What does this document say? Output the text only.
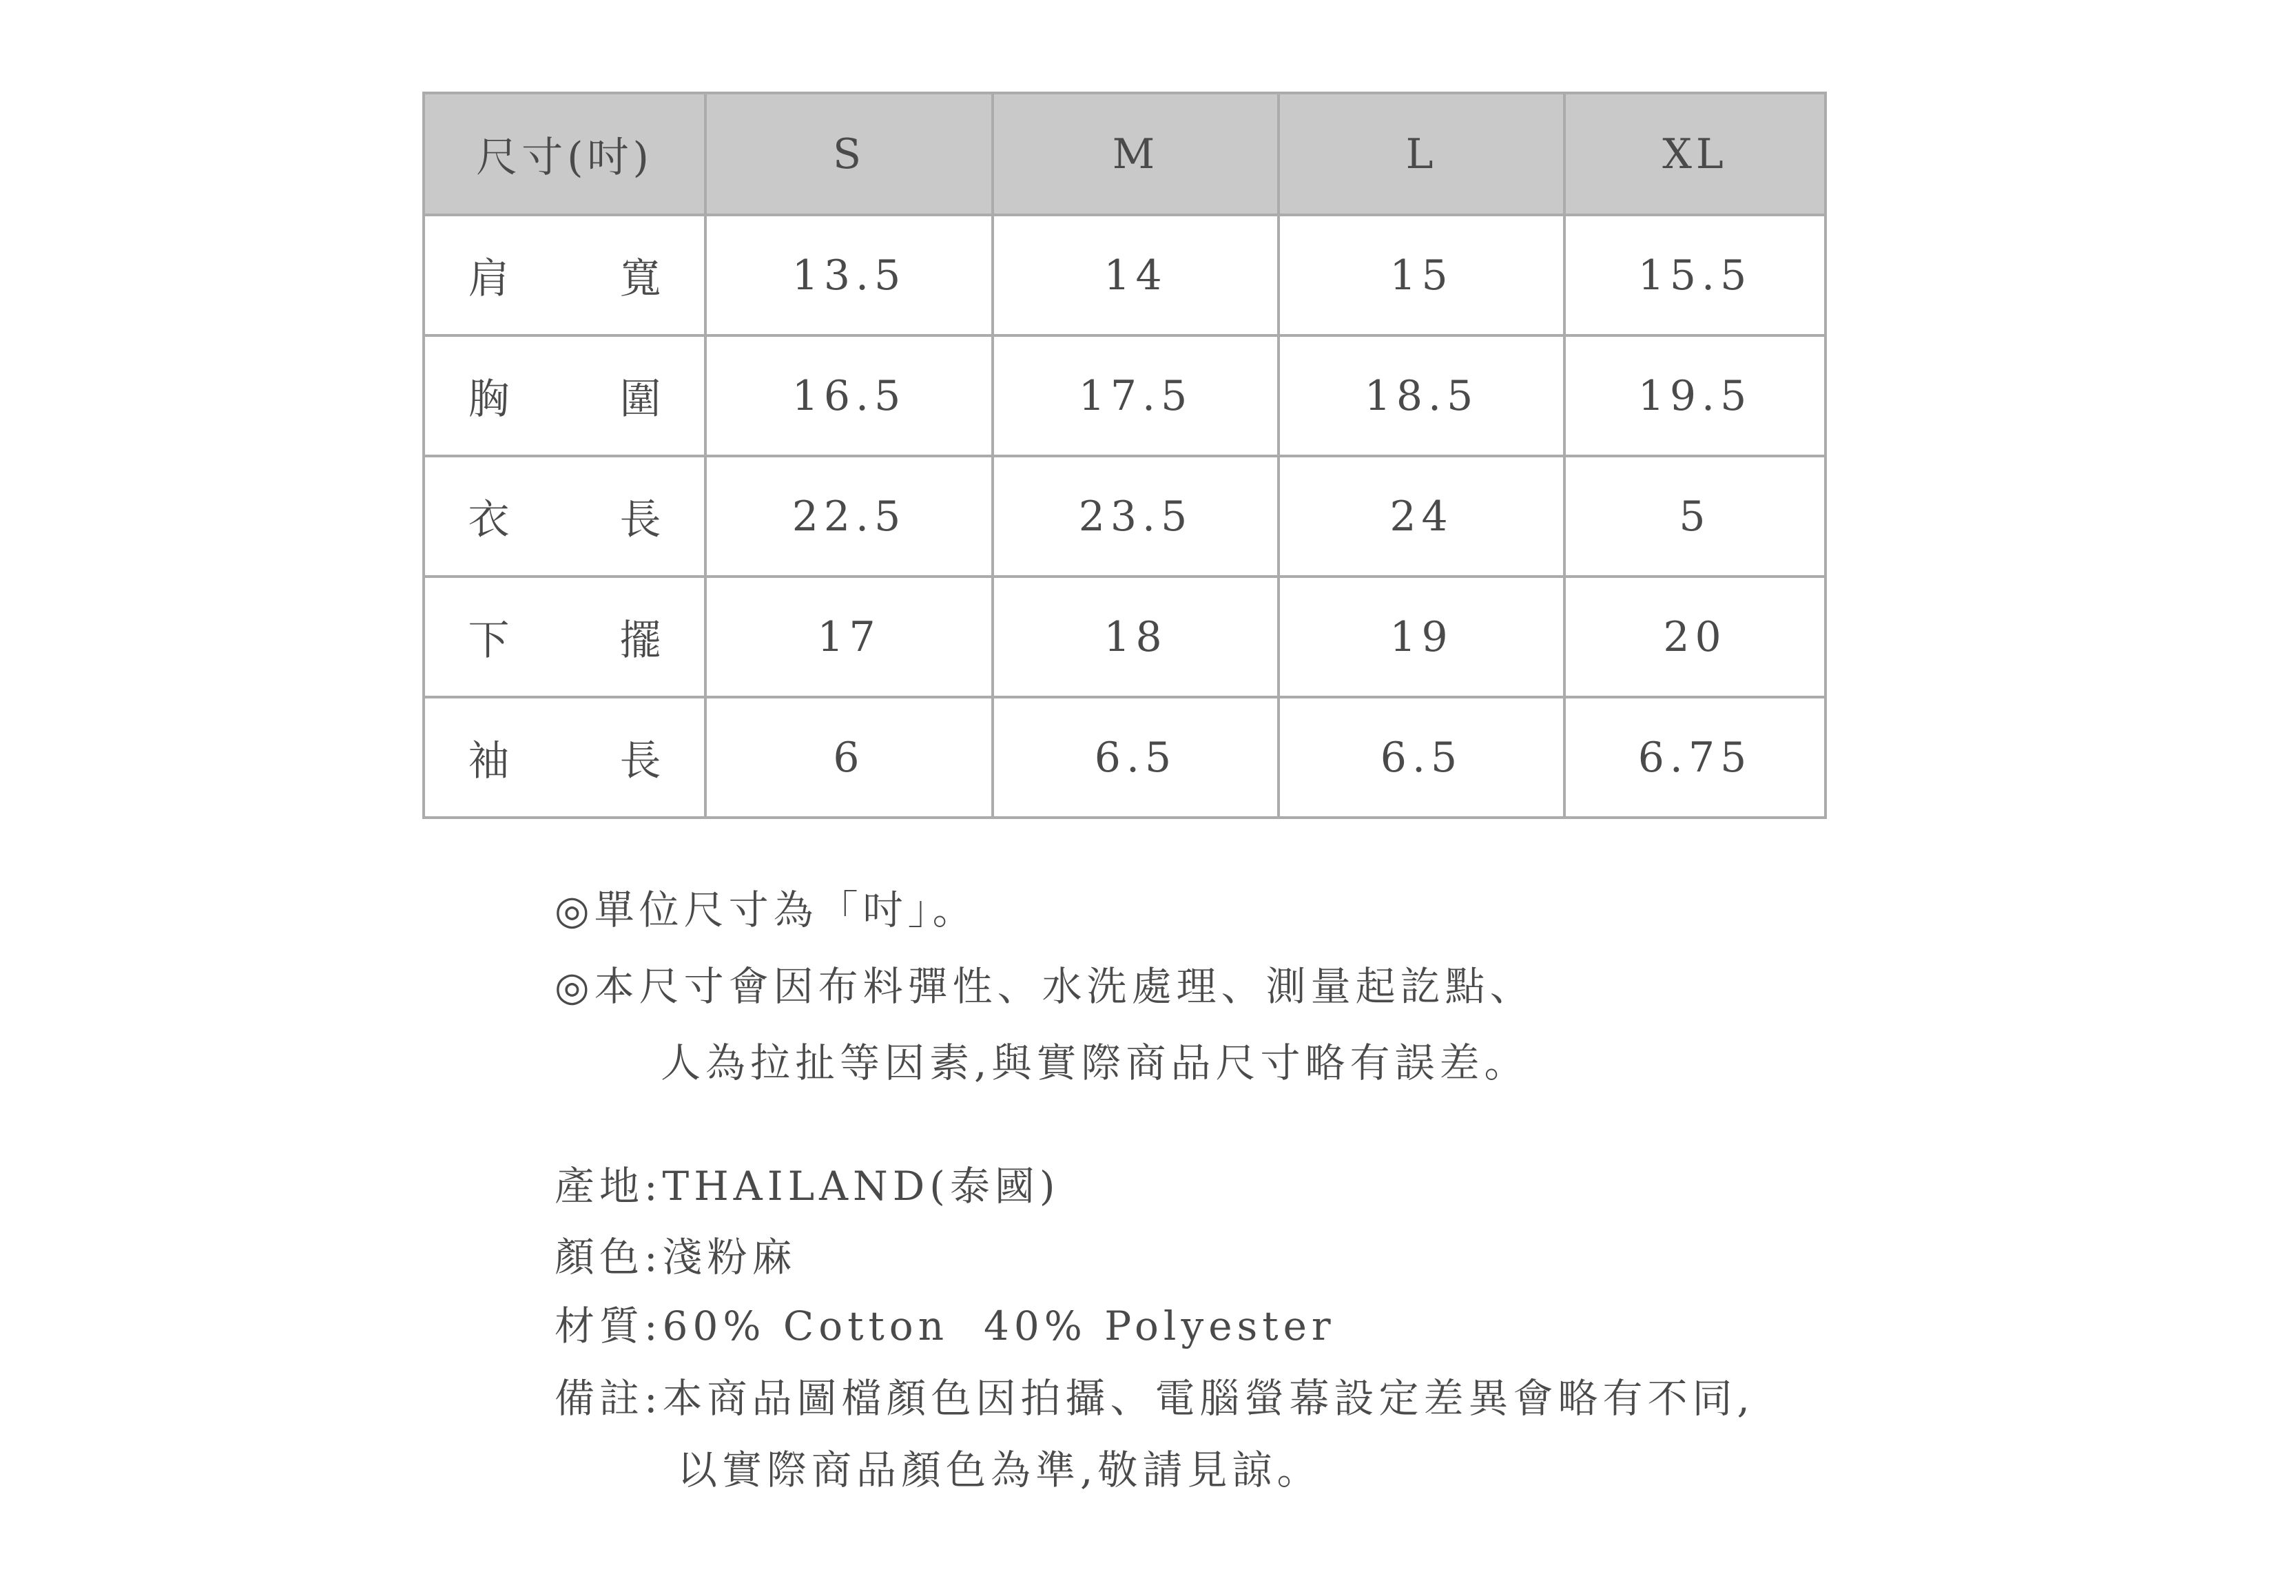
尺寸(吋)	S	M	L	XL

肩 寬	13.5	14	15	15.5

胸 圍	16.5	17.5	18.5	19.5

衣 長	22.5	23.5	24	5

下 擺	17	18	19	20

袖 長	6	6.5	6.5	6.75
◎單位尺寸為「吋」。
◎本尺寸會因布料彈性、水洗處理、測量起訖點、
人為拉扯等因素,與實際商品尺寸略有誤差。
產地:THAILAND(泰國)
顏色:淺粉麻
材質:60% Cotton  40% Polyester
備註:本商品圖檔顏色因拍攝、電腦螢幕設定差異會略有不同,
以實際商品顏色為準,敬請見諒。
